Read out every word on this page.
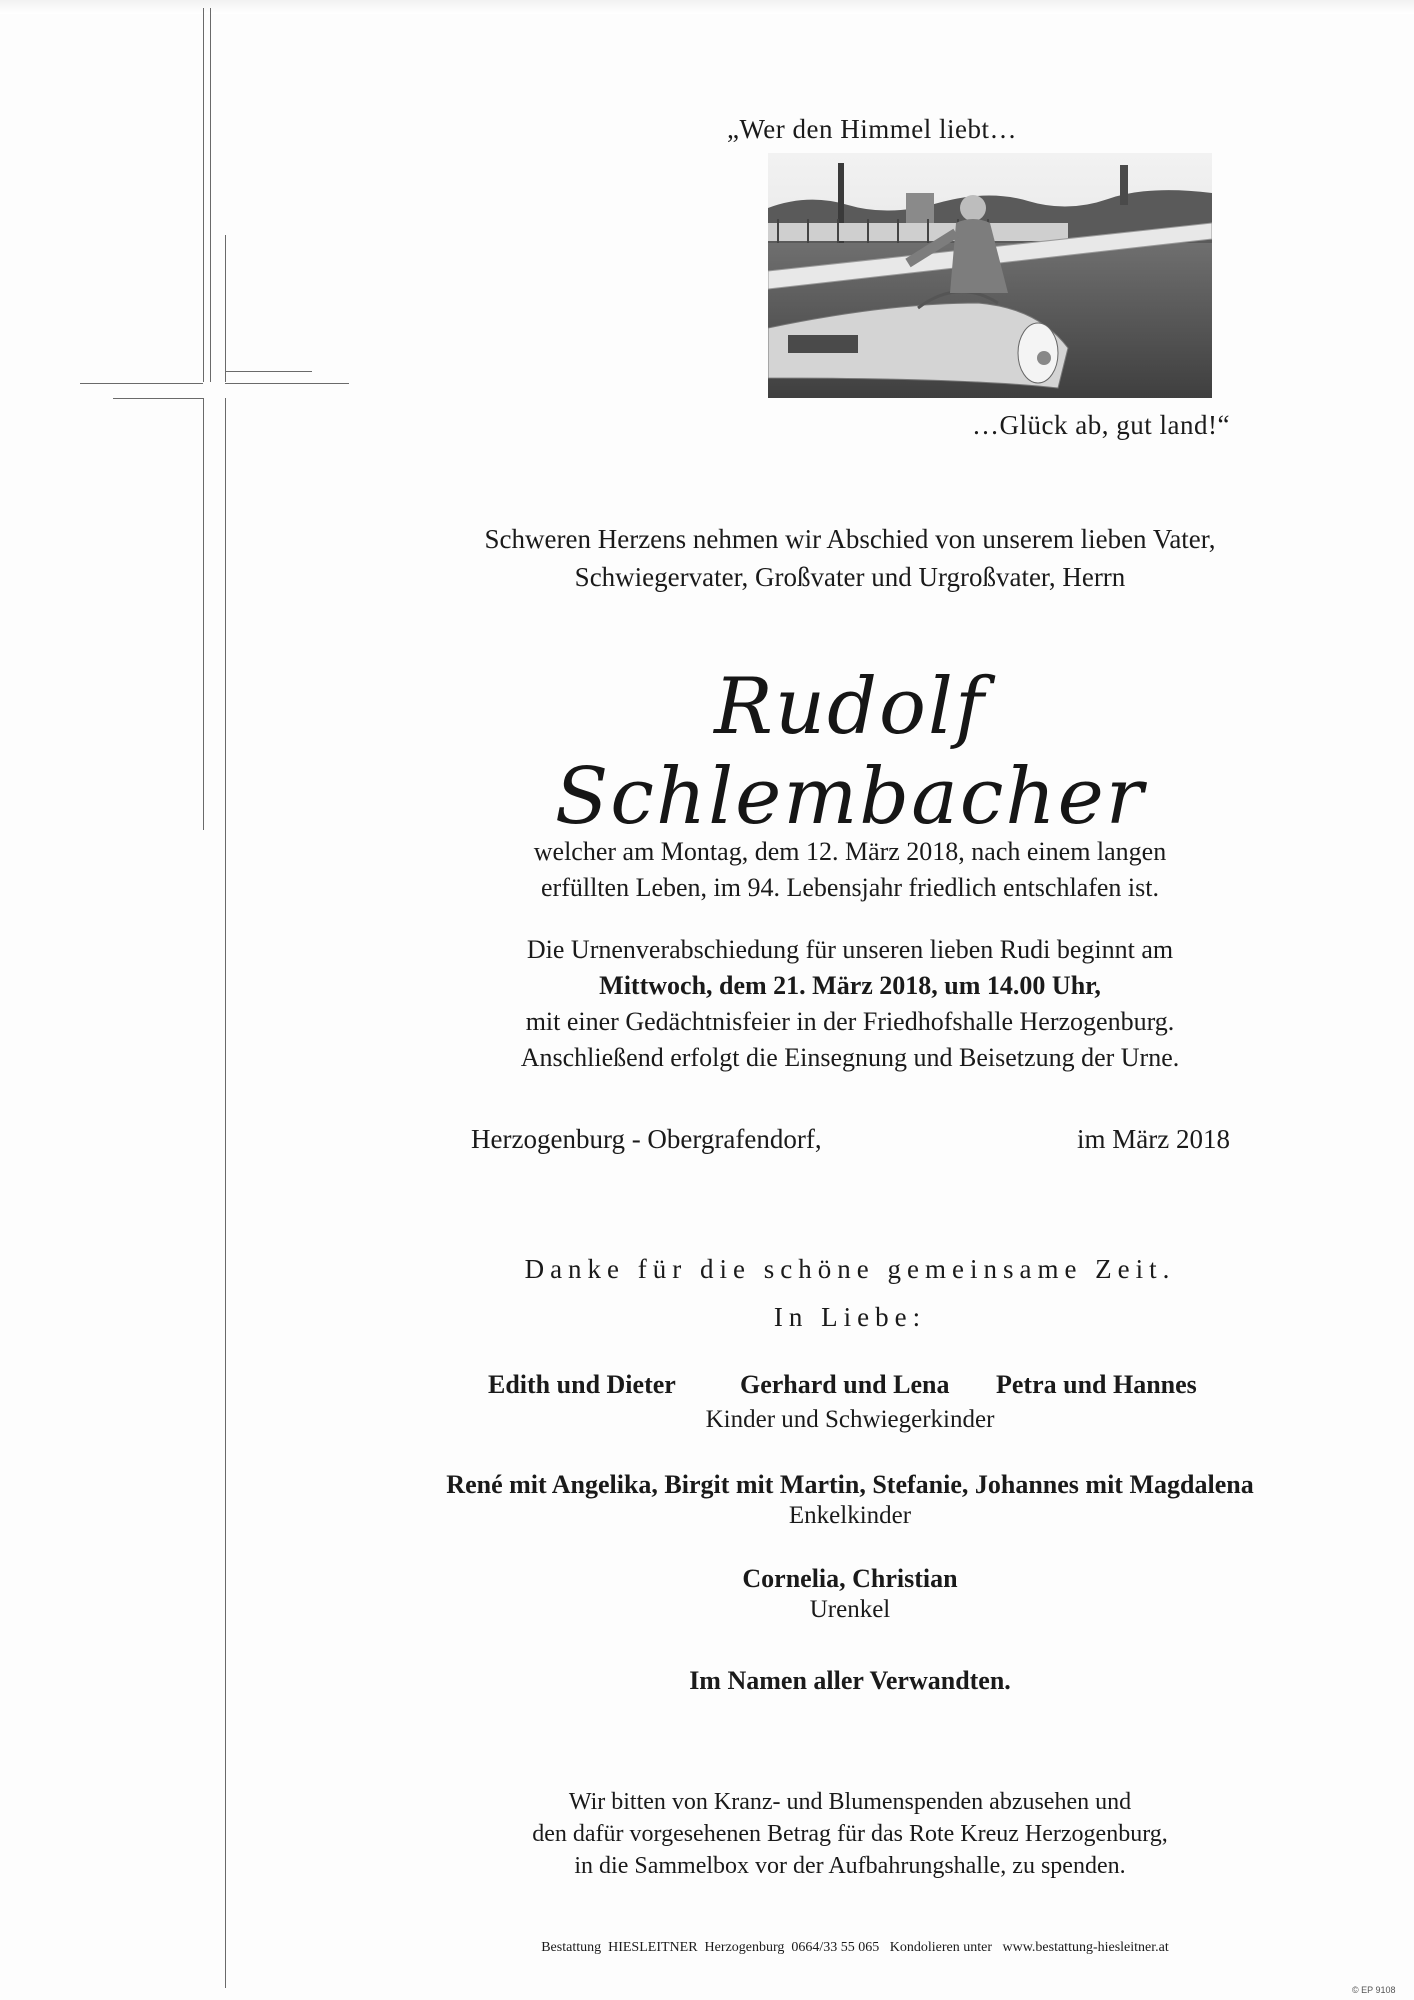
„Wer den Himmel liebt…
…Glück ab, gut land!“
Schweren Herzens nehmen wir Abschied von unserem lieben Vater,
Schwiegervater, Großvater und Urgroßvater, Herrn
Rudolf Schlembacher
welcher am Montag, dem 12. März 2018, nach einem langen
erfüllten Leben, im 94. Lebensjahr friedlich entschlafen ist.
Die Urnenverabschiedung für unseren lieben Rudi beginnt am
Mittwoch, dem 21. März 2018, um 14.00 Uhr,
mit einer Gedächtnisfeier in der Friedhofshalle Herzogenburg.
Anschließend erfolgt die Einsegnung und Beisetzung der Urne.
Herzogenburg - Obergrafendorf,	im März 2018
Danke für die schöne gemeinsame Zeit.
In Liebe:
Edith und Dieter Gerhard und Lena Petra und Hannes
Kinder und Schwiegerkinder
René mit Angelika, Birgit mit Martin, Stefanie, Johannes mit Magdalena
Enkelkinder
Cornelia, Christian
Urenkel
Im Namen aller Verwandten.
Wir bitten von Kranz- und Blumenspenden abzusehen und
den dafür vorgesehenen Betrag für das Rote Kreuz Herzogenburg,
in die Sammelbox vor der Aufbahrungshalle, zu spenden.
Bestattung  HIESLEITNER  Herzogenburg  0664/33 55 065   Kondolieren unter   www.bestattung-hiesleitner.at
© EP 9108
